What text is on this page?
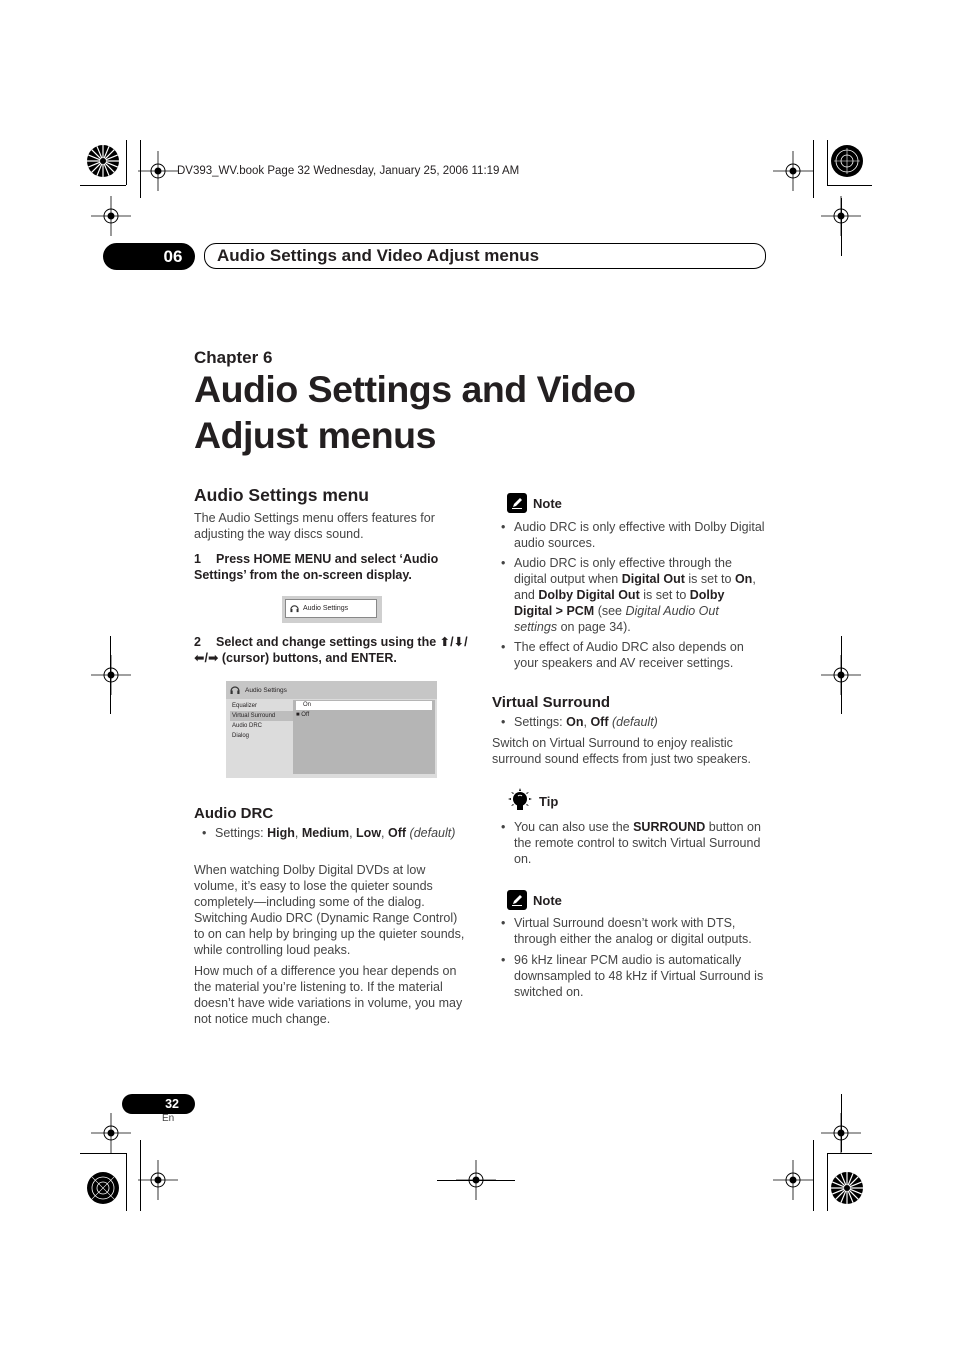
DV393_WV.book Page 32 Wednesday, January 25, 2006 11:19 AM
06	Audio Settings and Video Adjust menus
Chapter 6
Audio Settings and Video Adjust menus
Audio Settings menu
The Audio Settings menu offers features for adjusting the way discs sound.
1 Press HOME MENU and select ‘Audio Settings’ from the on-screen display.
Audio Settings
2 Select and change settings using the ⬆/⬇/⬅/➡ (cursor) buttons, and ENTER.
Audio Settings
Equalizer
Virtual Surround
Audio DRC
Dialog
On
■ Off
Audio DRC
• Settings: High, Medium, Low, Off (default)
When watching Dolby Digital DVDs at low volume, it’s easy to lose the quieter sounds completely—including some of the dialog. Switching Audio DRC (Dynamic Range Control) to on can help by bringing up the quieter sounds, while controlling loud peaks.
How much of a difference you hear depends on the material you’re listening to. If the material doesn’t have wide variations in volume, you may not notice much change.
Note
• Audio DRC is only effective with Dolby Digital audio sources.
• Audio DRC is only effective through the digital output when Digital Out is set to On, and Dolby Digital Out is set to Dolby Digital > PCM (see Digital Audio Out settings on page 34).
• The effect of Audio DRC also depends on your speakers and AV receiver settings.
Virtual Surround
• Settings: On, Off (default)
Switch on Virtual Surround to enjoy realistic surround sound effects from just two speakers.
Tip
• You can also use the SURROUND button on the remote control to switch Virtual Surround on.
Note
• Virtual Surround doesn’t work with DTS, through either the analog or digital outputs.
• 96 kHz linear PCM audio is automatically downsampled to 48 kHz if Virtual Surround is switched on.
32
En
